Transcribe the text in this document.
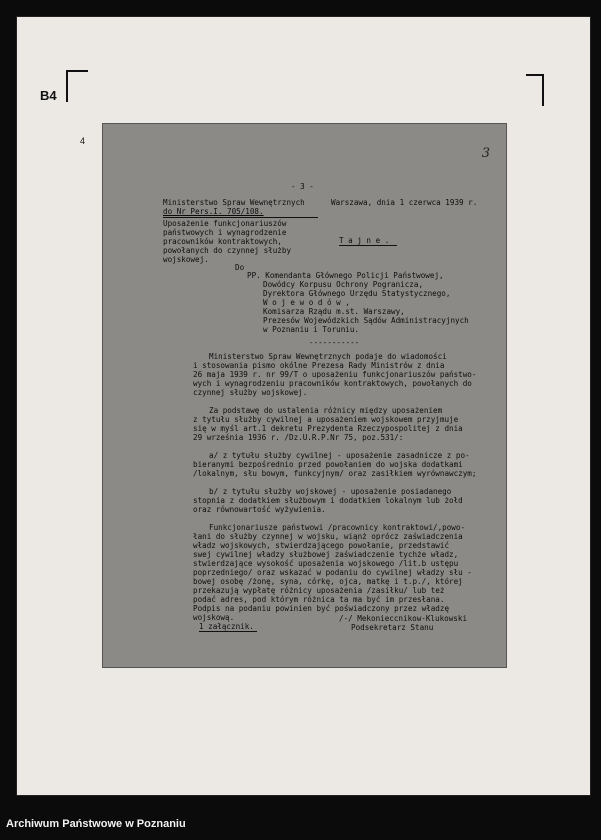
B4
4
3
- 3 -
Ministerstwo Spraw Wewnętrznych
do Nr Pers.I. 705/108.
Warszawa, dnia 1 czerwca 1939 r.
Uposażenie funkcjonariuszów
państwowych i wynagrodzenie
pracowników kontraktowych,
powołanych do czynnej służby
wojskowej.
T a j n e .
Do
PP. Komendanta Głównego Policji Państwowej,
Dowódcy Korpusu Ochrony Pogranicza,
Dyrektora Głównego Urzędu Statystycznego,
W o j e w o d ó w ,
Komisarza Rządu m.st. Warszawy,
Prezesów Wojewódzkich Sądów Administracyjnych
w Poznaniu i Toruniu.
-----------
Ministerstwo Spraw Wewnętrznych podaje do wiadomości
i stosowania pismo okólne Prezesa Rady Ministrów z dnia
26 maja 1939 r. nr 99/T o uposażeniu funkcjonariuszów państwo-
wych i wynagrodzeniu pracowników kontraktowych, powołanych do
czynnej służby wojskowej.
Za podstawę do ustalenia różnicy między uposażeniem
z tytułu służby cywilnej a uposażeniem wojskowem przyjmuje
się w myśl art.1 dekretu Prezydenta Rzeczypospolitej z dnia
29 września 1936 r. /Dz.U.R.P.Nr 75, poz.531/:
a/ z tytułu służby cywilnej - uposażenie zasadnicze z po-
bieranymi bezpośrednio przed powołaniem do wojska dodatkami
/lokalnym, słu bowym, funkcyjnym/ oraz zasiłkiem wyrównawczym;
b/ z tytułu służby wojskowej - uposażenie posiadanego
stopnia z dodatkiem służbowym i dodatkiem lokalnym lub żołd
oraz równowartość wyżywienia.
Funkcjonariusze państwowi /pracownicy kontraktowi/,powo-
łani do służby czynnej w wojsku, wiąnż oprócz zaświadczenia
władz wojskowych, stwierdzającego powołanie, przedstawić
swej cywilnej władzy służbowej zaświadczenie tychże władz,
stwierdzające wysokość uposażenia wojskowego /lit.b ustępu
poprzedniego/ oraz wskazać w podaniu do cywilnej władzy słu -
bowej osobę /żonę, syna, córkę, ojca, matkę i t.p./, której
przekazują wypłatę różnicy uposażenia /zasiłku/ lub też
podać adres, pod którym różnica ta ma być im przesłana.
Podpis na podaniu powinien być poświadczony przez władzę
wojskową.
1 załącznik.
/-/ Mekonieccnikow-Klukowski
Podsekretarz Stanu
Archiwum Państwowe w Poznaniu
